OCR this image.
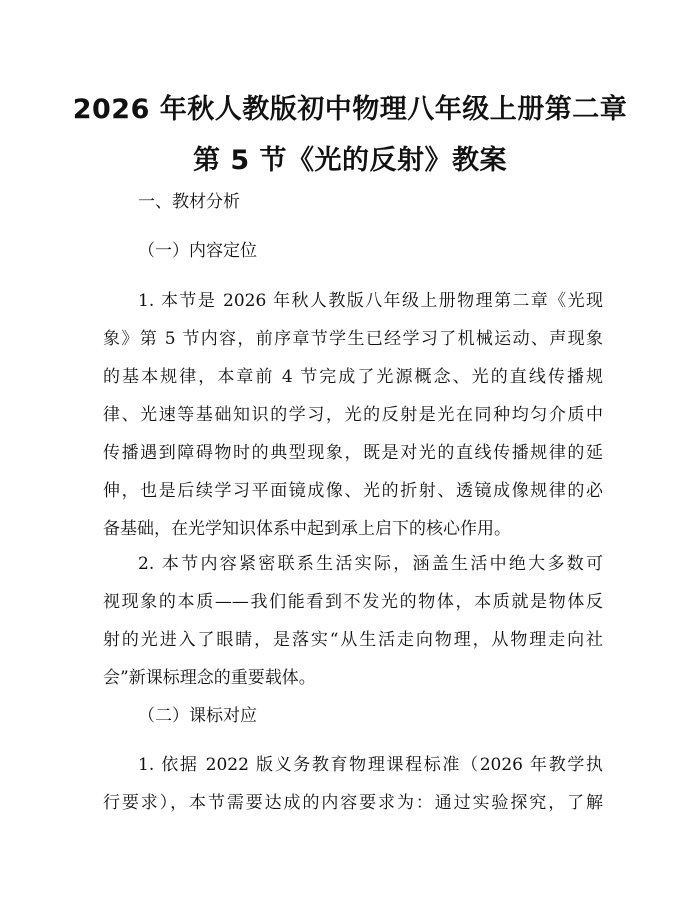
2026 年秋人教版初中物理八年级上册第二章
第 5 节《光的反射》教案
一、教材分析
（一）内容定位
1. 本节是 2026 年秋人教版八年级上册物理第二章《光现
象》第 5 节内容，前序章节学生已经学习了机械运动、声现象
的基本规律，本章前 4 节完成了光源概念、光的直线传播规
律、光速等基础知识的学习，光的反射是光在同种均匀介质中
传播遇到障碍物时的典型现象，既是对光的直线传播规律的延
伸，也是后续学习平面镜成像、光的折射、透镜成像规律的必
备基础，在光学知识体系中起到承上启下的核心作用。
2. 本节内容紧密联系生活实际，涵盖生活中绝大多数可
视现象的本质——我们能看到不发光的物体，本质就是物体反
射的光进入了眼睛，是落实“从生活走向物理，从物理走向社
会”新课标理念的重要载体。
（二）课标对应
1. 依据 2022 版义务教育物理课程标准（2026 年教学执
行要求），本节需要达成的内容要求为：通过实验探究，了解
